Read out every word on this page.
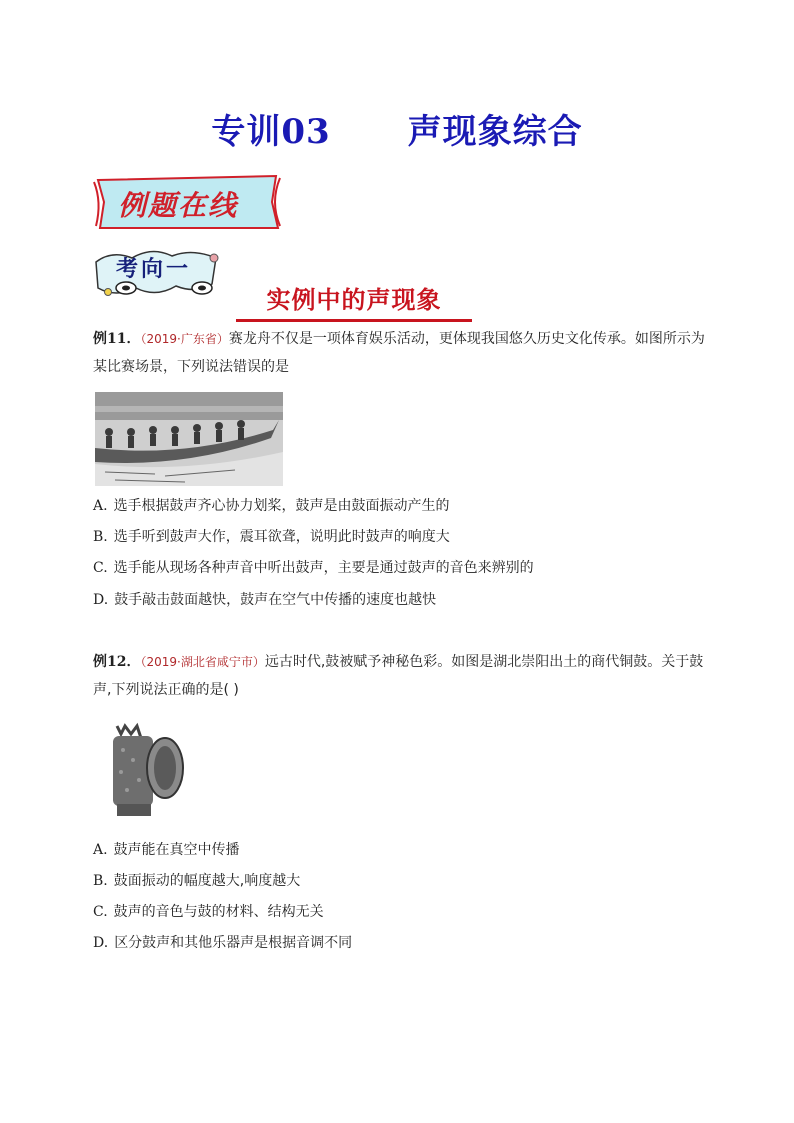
专训03      声现象综合
例题在线
考向一
实例中的声现象
例11．（2019·广东省）赛龙舟不仅是一项体育娱乐活动，更体现我国悠久历史文化传承。如图所示为某比赛场景，下列说法错误的是
A. 选手根据鼓声齐心协力划桨，鼓声是由鼓面振动产生的
B. 选手听到鼓声大作，震耳欲聋，说明此时鼓声的响度大
C. 选手能从现场各种声音中听出鼓声，主要是通过鼓声的音色来辨别的
D. 鼓手敲击鼓面越快，鼓声在空气中传播的速度也越快
例12．（2019·湖北省咸宁市）远古时代,鼓被赋予神秘色彩。如图是湖北崇阳出土的商代铜鼓。关于鼓声,下列说法正确的是( )
A. 鼓声能在真空中传播
B. 鼓面振动的幅度越大,响度越大
C. 鼓声的音色与鼓的材料、结构无关
D. 区分鼓声和其他乐器声是根据音调不同
